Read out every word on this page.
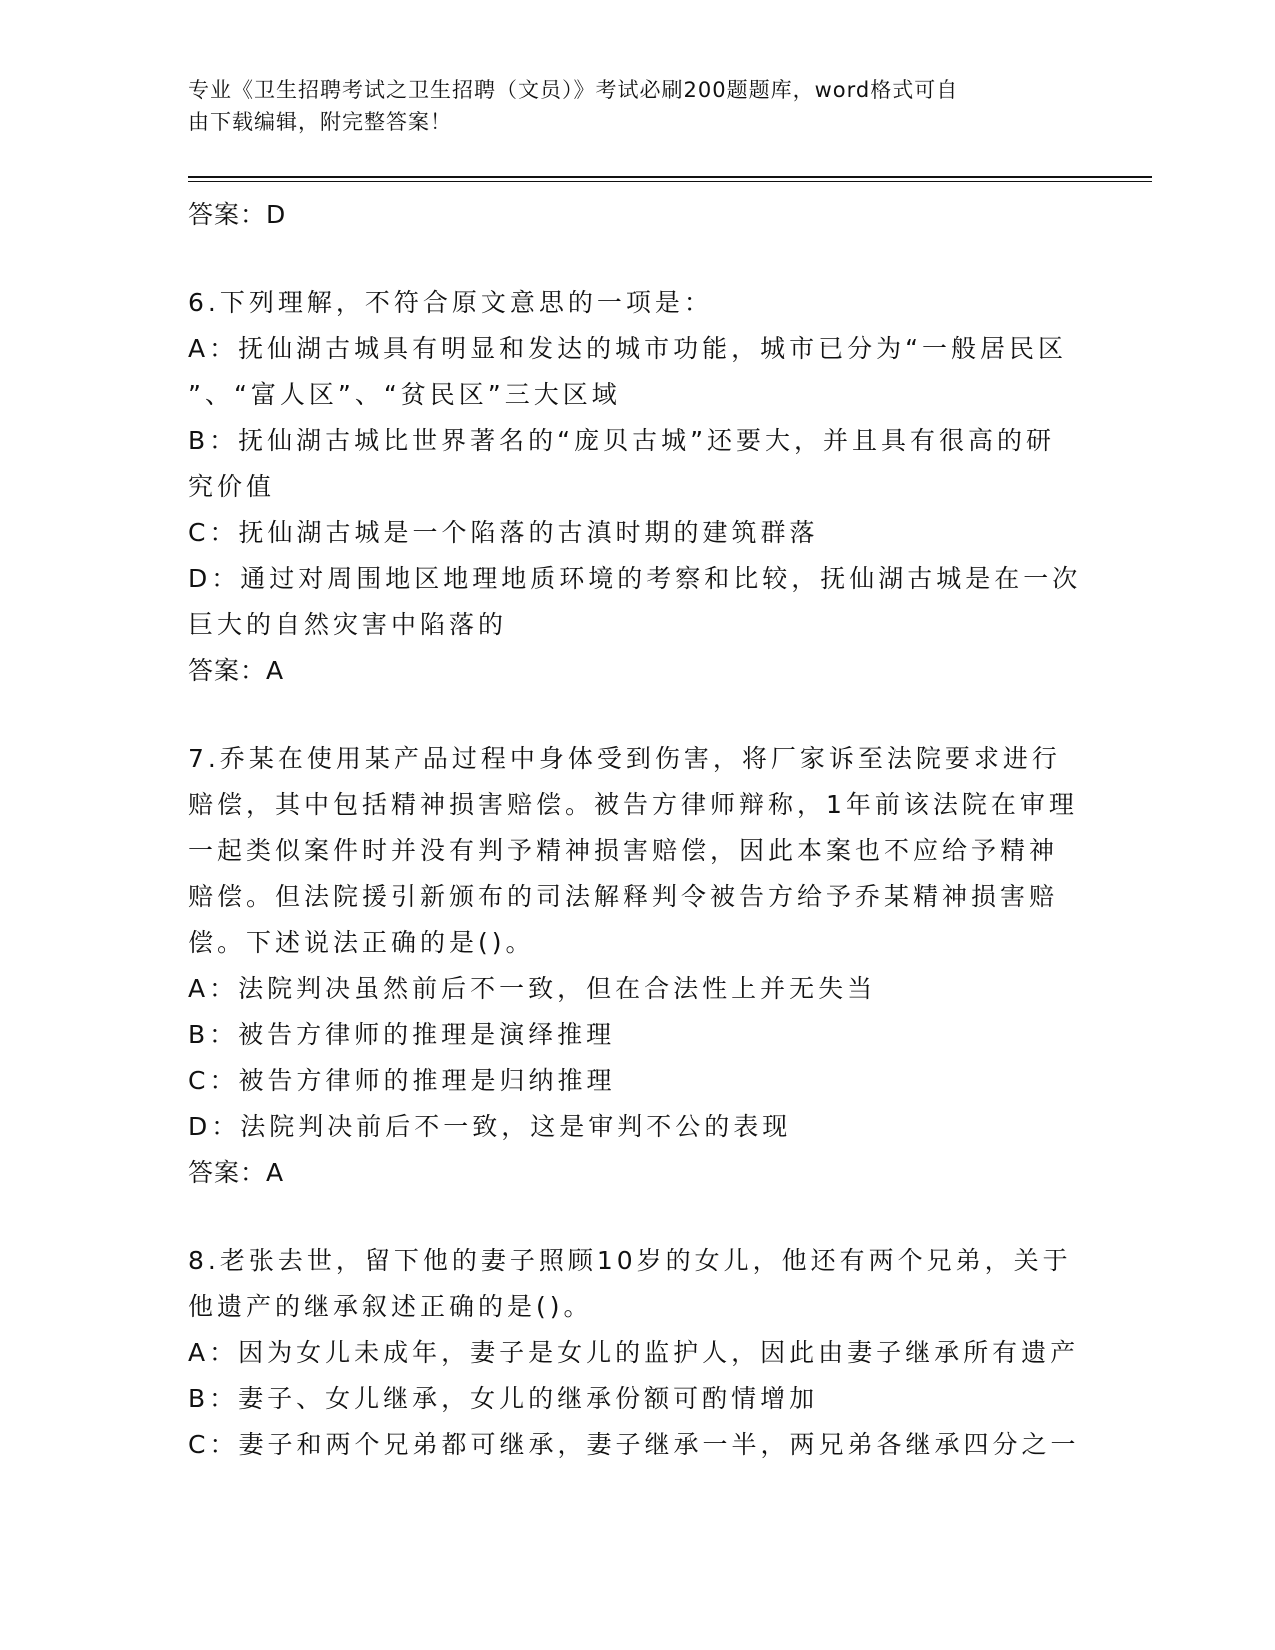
专业《卫生招聘考试之卫生招聘（文员）》考试必刷200题题库，word格式可自
由下载编辑，附完整答案！
答案：D
6.下列理解，不符合原文意思的一项是：
A：抚仙湖古城具有明显和发达的城市功能，城市已分为“一般居民区
”、“富人区”、“贫民区”三大区域
B：抚仙湖古城比世界著名的“庞贝古城”还要大，并且具有很高的研
究价值
C：抚仙湖古城是一个陷落的古滇时期的建筑群落
D：通过对周围地区地理地质环境的考察和比较，抚仙湖古城是在一次
巨大的自然灾害中陷落的
答案：A
7.乔某在使用某产品过程中身体受到伤害，将厂家诉至法院要求进行
赔偿，其中包括精神损害赔偿。被告方律师辩称，1年前该法院在审理
一起类似案件时并没有判予精神损害赔偿，因此本案也不应给予精神
赔偿。但法院援引新颁布的司法解释判令被告方给予乔某精神损害赔
偿。下述说法正确的是()。
A：法院判决虽然前后不一致，但在合法性上并无失当
B：被告方律师的推理是演绎推理
C：被告方律师的推理是归纳推理
D：法院判决前后不一致，这是审判不公的表现
答案：A
8.老张去世，留下他的妻子照顾10岁的女儿，他还有两个兄弟，关于
他遗产的继承叙述正确的是()。
A：因为女儿未成年，妻子是女儿的监护人，因此由妻子继承所有遗产
B：妻子、女儿继承，女儿的继承份额可酌情增加
C：妻子和两个兄弟都可继承，妻子继承一半，两兄弟各继承四分之一
